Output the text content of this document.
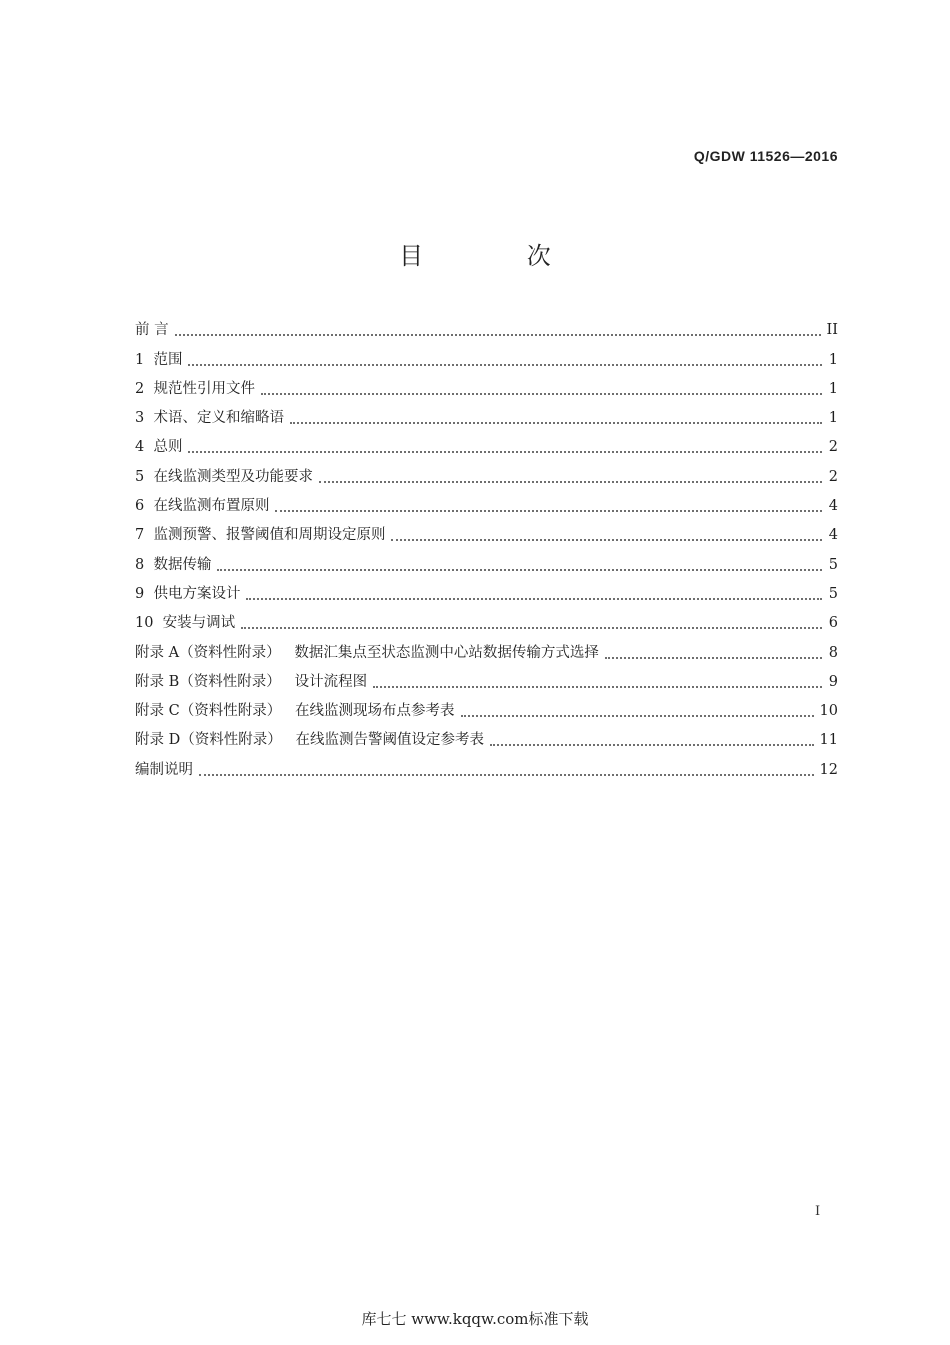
Q/GDW 11526—2016
目 次
前 言	II
1  范围	1
2  规范性引用文件	1
3  术语、定义和缩略语	1
4  总则	2
5  在线监测类型及功能要求	2
6  在线监测布置原则	4
7  监测预警、报警阈值和周期设定原则	4
8  数据传输	5
9  供电方案设计	5
10  安装与调试	6
附录 A（资料性附录）   数据汇集点至状态监测中心站数据传输方式选择	8
附录 B（资料性附录）   设计流程图	9
附录 C（资料性附录）   在线监测现场布点参考表	10
附录 D（资料性附录）   在线监测告警阈值设定参考表	11
编制说明	12
I
库七七 www.kqqw.com标准下载
